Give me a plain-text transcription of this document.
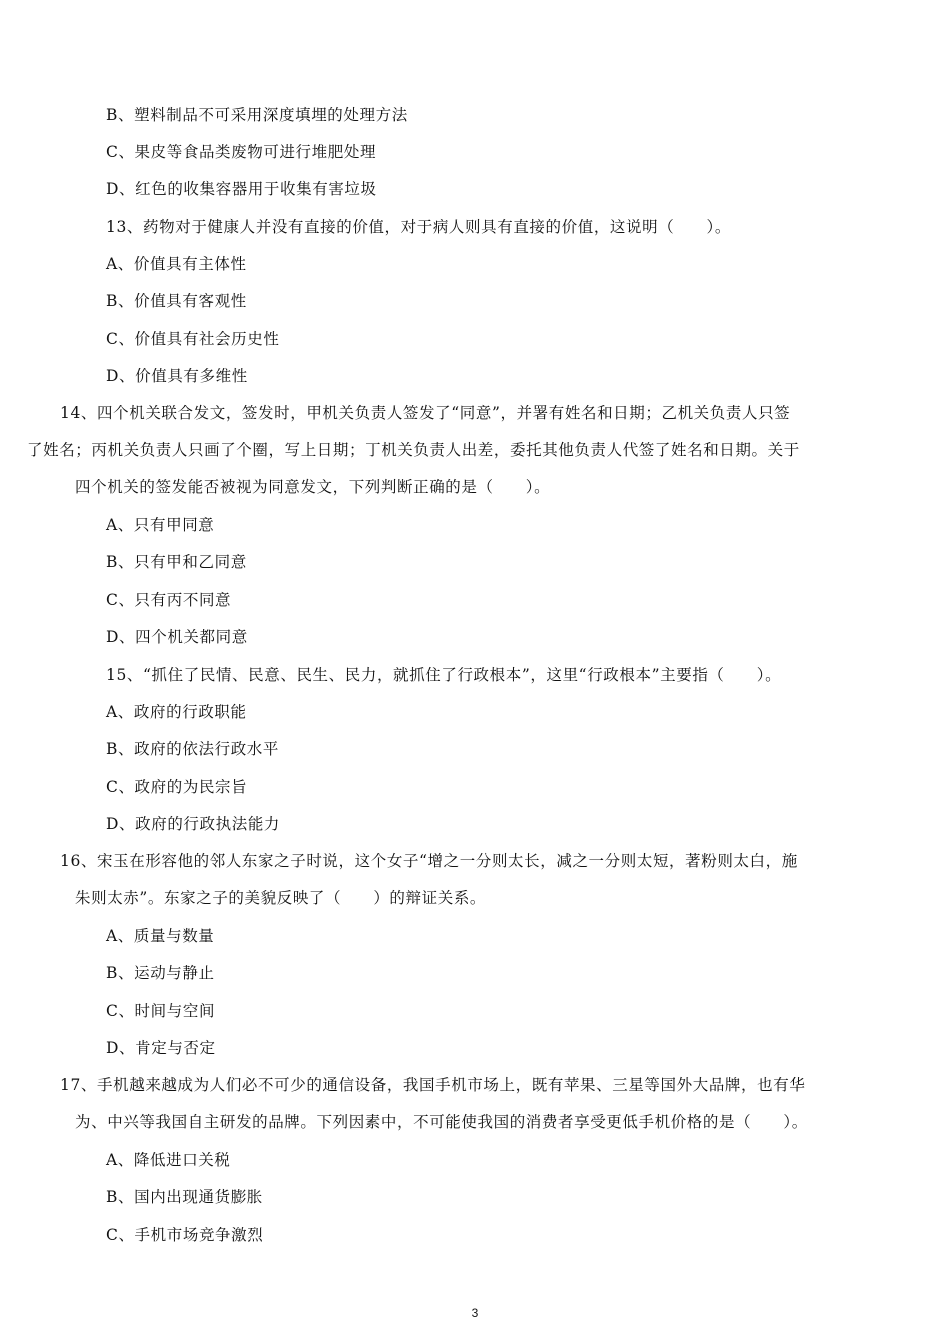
B、塑料制品不可采用深度填埋的处理方法
C、果皮等食品类废物可进行堆肥处理
D、红色的收集容器用于收集有害垃圾
13、药物对于健康人并没有直接的价值，对于病人则具有直接的价值，这说明（　　）。
A、价值具有主体性
B、价值具有客观性
C、价值具有社会历史性
D、价值具有多维性
14、四个机关联合发文，签发时，甲机关负责人签发了“同意”，并署有姓名和日期；乙机关负责人只签
了姓名；丙机关负责人只画了个圈，写上日期；丁机关负责人出差，委托其他负责人代签了姓名和日期。关于
四个机关的签发能否被视为同意发文，下列判断正确的是（　　）。
A、只有甲同意
B、只有甲和乙同意
C、只有丙不同意
D、四个机关都同意
15、“抓住了民情、民意、民生、民力，就抓住了行政根本”，这里“行政根本”主要指（　　）。
A、政府的行政职能
B、政府的依法行政水平
C、政府的为民宗旨
D、政府的行政执法能力
16、宋玉在形容他的邻人东家之子时说，这个女子“增之一分则太长，减之一分则太短，著粉则太白，施
朱则太赤”。东家之子的美貌反映了（　　）的辩证关系。
A、质量与数量
B、运动与静止
C、时间与空间
D、肯定与否定
17、手机越来越成为人们必不可少的通信设备，我国手机市场上，既有苹果、三星等国外大品牌，也有华
为、中兴等我国自主研发的品牌。下列因素中，不可能使我国的消费者享受更低手机价格的是（　　）。
A、降低进口关税
B、国内出现通货膨胀
C、手机市场竞争激烈
3
